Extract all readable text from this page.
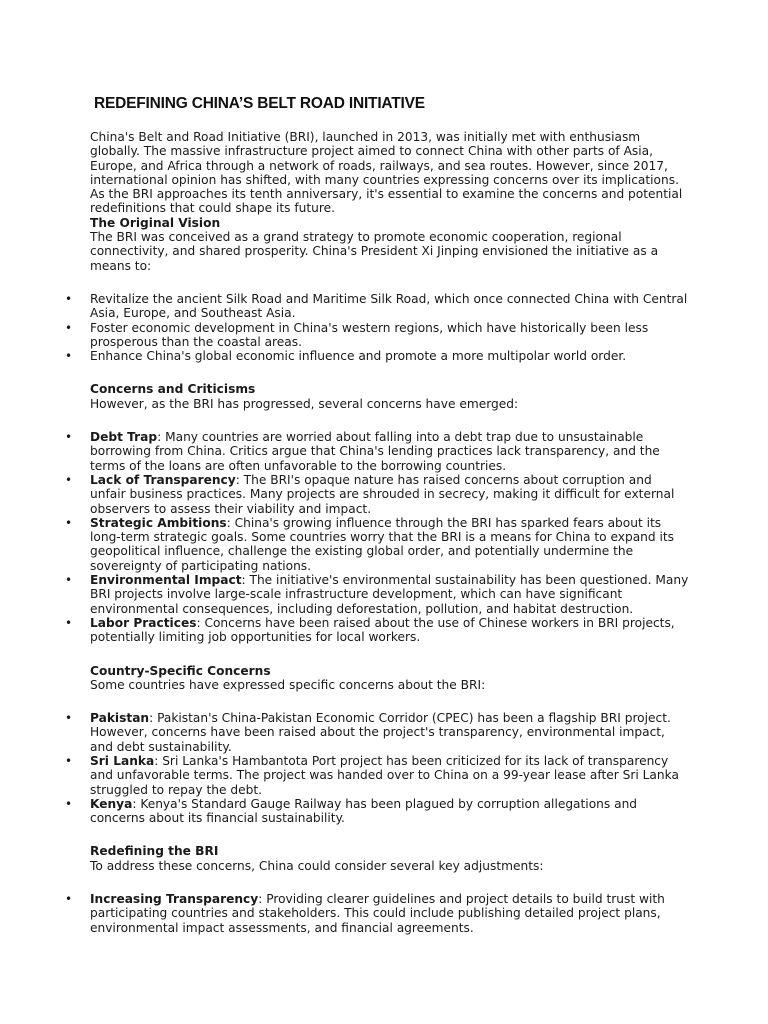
REDEFINING CHINA’S BELT ROAD INITIATIVE

China's Belt and Road Initiative (BRI), launched in 2013, was initially met with enthusiasm globally. The massive infrastructure project aimed to connect China with other parts of Asia, Europe, and Africa through a network of roads, railways, and sea routes. However, since 2017, international opinion has shifted, with many countries expressing concerns over its implications. As the BRI approaches its tenth anniversary, it's essential to examine the concerns and potential redefinitions that could shape its future.

The Original Vision

The BRI was conceived as a grand strategy to promote economic cooperation, regional connectivity, and shared prosperity. China's President Xi Jinping envisioned the initiative as a means to:

• Revitalize the ancient Silk Road and Maritime Silk Road, which once connected China with Central Asia, Europe, and Southeast Asia.
• Foster economic development in China's western regions, which have historically been less prosperous than the coastal areas.
• Enhance China's global economic influence and promote a more multipolar world order.

Concerns and Criticisms

However, as the BRI has progressed, several concerns have emerged:

• Debt Trap: Many countries are worried about falling into a debt trap due to unsustainable borrowing from China. Critics argue that China's lending practices lack transparency, and the terms of the loans are often unfavorable to the borrowing countries.
• Lack of Transparency: The BRI's opaque nature has raised concerns about corruption and unfair business practices. Many projects are shrouded in secrecy, making it difficult for external observers to assess their viability and impact.
• Strategic Ambitions: China's growing influence through the BRI has sparked fears about its long-term strategic goals. Some countries worry that the BRI is a means for China to expand its geopolitical influence, challenge the existing global order, and potentially undermine the sovereignty of participating nations.
• Environmental Impact: The initiative's environmental sustainability has been questioned. Many BRI projects involve large-scale infrastructure development, which can have significant environmental consequences, including deforestation, pollution, and habitat destruction.
• Labor Practices: Concerns have been raised about the use of Chinese workers in BRI projects, potentially limiting job opportunities for local workers.

Country-Specific Concerns

Some countries have expressed specific concerns about the BRI:

• Pakistan: Pakistan's China-Pakistan Economic Corridor (CPEC) has been a flagship BRI project. However, concerns have been raised about the project's transparency, environmental impact, and debt sustainability.
• Sri Lanka: Sri Lanka's Hambantota Port project has been criticized for its lack of transparency and unfavorable terms. The project was handed over to China on a 99-year lease after Sri Lanka struggled to repay the debt.
• Kenya: Kenya's Standard Gauge Railway has been plagued by corruption allegations and concerns about its financial sustainability.

Redefining the BRI

To address these concerns, China could consider several key adjustments:

• Increasing Transparency: Providing clearer guidelines and project details to build trust with participating countries and stakeholders. This could include publishing detailed project plans, environmental impact assessments, and financial agreements.
